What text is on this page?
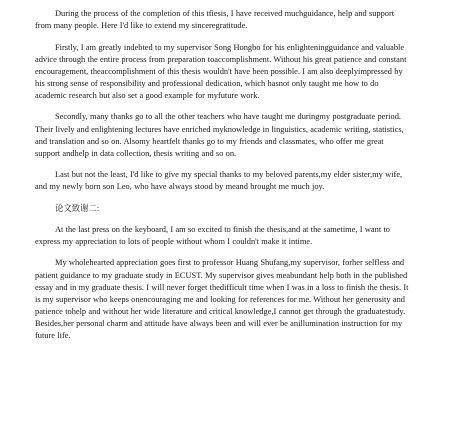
During the process of the completion of this tfiesis, I have received muchguidance, help and support from many people. Here I'd like to extend my sinceregratitude.

Firstly, I am greatly indebted to my supervisor Song Hongbo for his enlighteningguidance and valuable advice through the entire process from preparation toaccomplishment. Without his great patience and constant encouragement, theaccomplishment of this thesis wouldn't have been possible. I am also deeplyimpressed by his strong sense of responsibility and professional dedication, which hasnot only taught me how to do academic research but also set a good example for myfuture work.

Secondly, many thanks go to all the other teachers who have taught me duringmy postgraduate period. Their lively and enlightening lectures have enriched myknowledge in linguistics, academic writing, statistics, and translation and so on. Alsomy heartfelt thanks go to my friends and classmates, who offer me great support andhelp in data collection, thesis writing and so on.

Last but not the least, I'd like to give my special thanks to my beloved parents,my elder sister,my wife, and my newly born son Leo, who have always stood by meand brought me much joy.

论文致谢二:

At the last press on the keyboard, I am so excited to finish the thesis,and at the sametime, I want to express my appreciation to lots of people without whom I couldn't make it intime.

My wholehearted appreciation goes first to professor Huang Shufang,my supervisor, forher selfless and patient guidance to my graduate study in ECUST. My supervisor gives meabundant help both in the published essay and in my graduate thesis. I will never forget thedifficult time when I was in a loss to finish the thesis. It is my supervisor who keeps onencouraging me and looking for references for me. Without her generosity and patience tohelp and without her wide literature and critical knowledge,I cannot get through the graduatestudy. Besides,her personal charm and attitude have always been and will ever be anillumination instruction for my future life.
